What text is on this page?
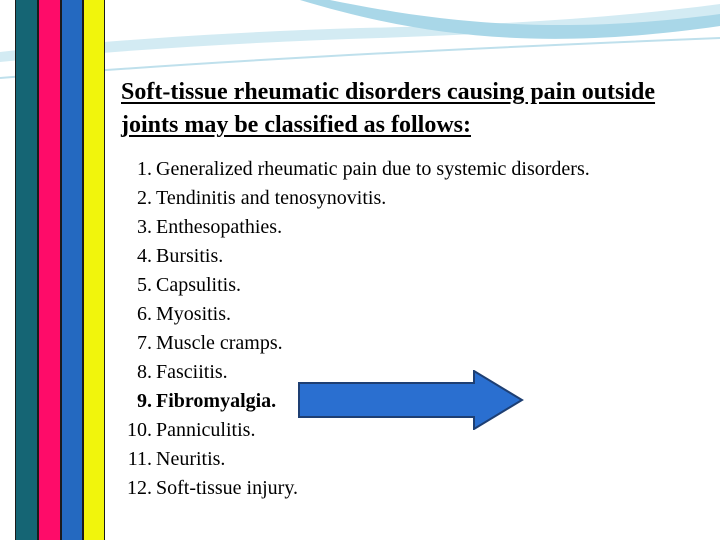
Soft-tissue rheumatic disorders causing pain outside joints may be classified as follows:
1. Generalized rheumatic pain due to systemic disorders.
2. Tendinitis and tenosynovitis.
3. Enthesopathies.
4. Bursitis.
5. Capsulitis.
6. Myositis.
7. Muscle cramps.
8. Fasciitis.
9. Fibromyalgia.
10. Panniculitis.
11. Neuritis.
12. Soft-tissue injury.
